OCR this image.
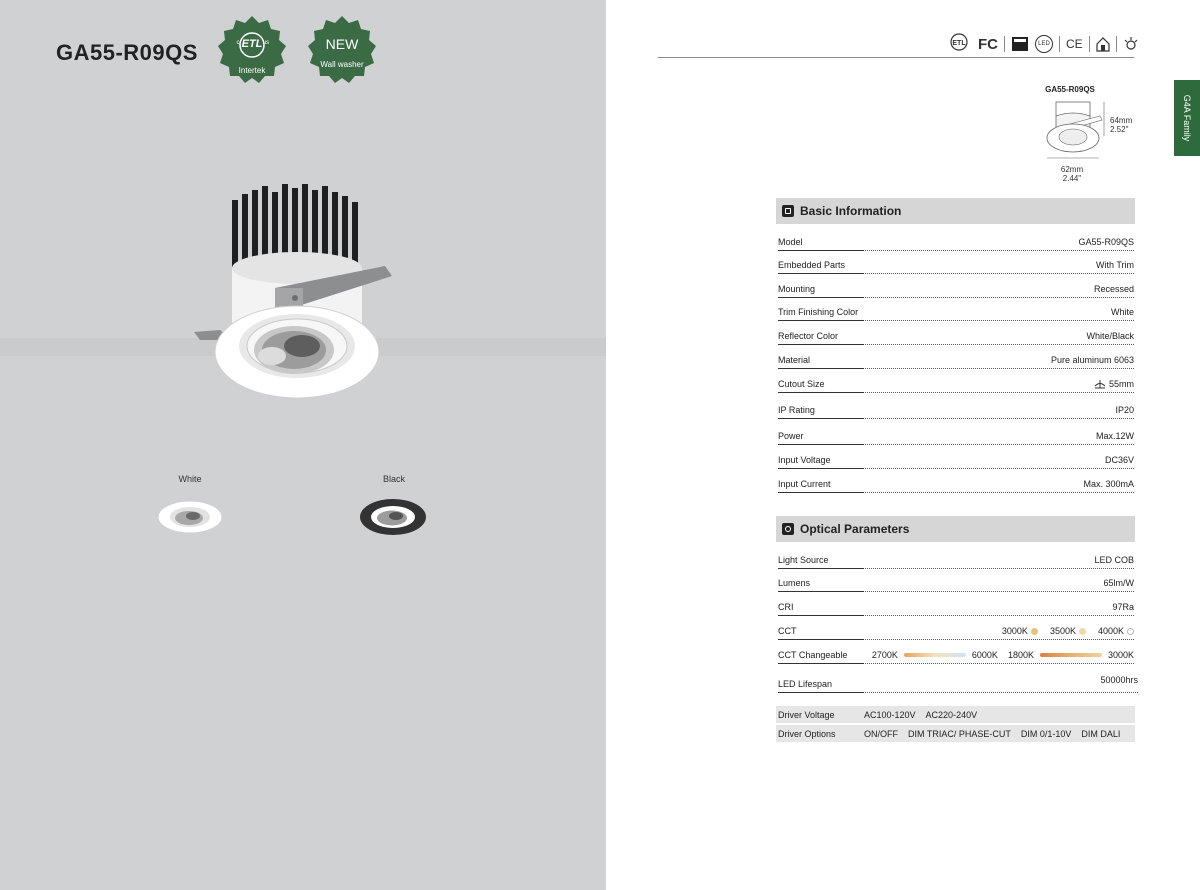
GA55-R09QS	ETL
c	us
Intertek
NEW
Wall washer
White	Black
ETL FC	LED CE
G4A Family
GA55-R09QS
64mm
2.52"
62mm
2.44"
Basic Information
Model	GA55-R09QS
Embedded Parts	With Trim
Mounting	Recessed
Trim Finishing Color	White
Reflector Color	White/Black
Material	Pure aluminum 6063
Cutout Size	55mm
IP Rating	IP20
Power	Max.12W
Input Voltage	DC36V
Input Current	Max. 300mA
Optical Parameters
Light Source	LED COB
Lumens	65lm/W
CRI	97Ra
CCT	3000K 3500K 4000K
CCT Changeable	2700K	6000K 1800K	3000K
LED Lifespan	50000hrs
Driver Voltage	AC100-120V AC220-240V
Driver Options	ON/OFF DIM TRIAC/ PHASE-CUT DIM 0/1-10V DIM DALI
